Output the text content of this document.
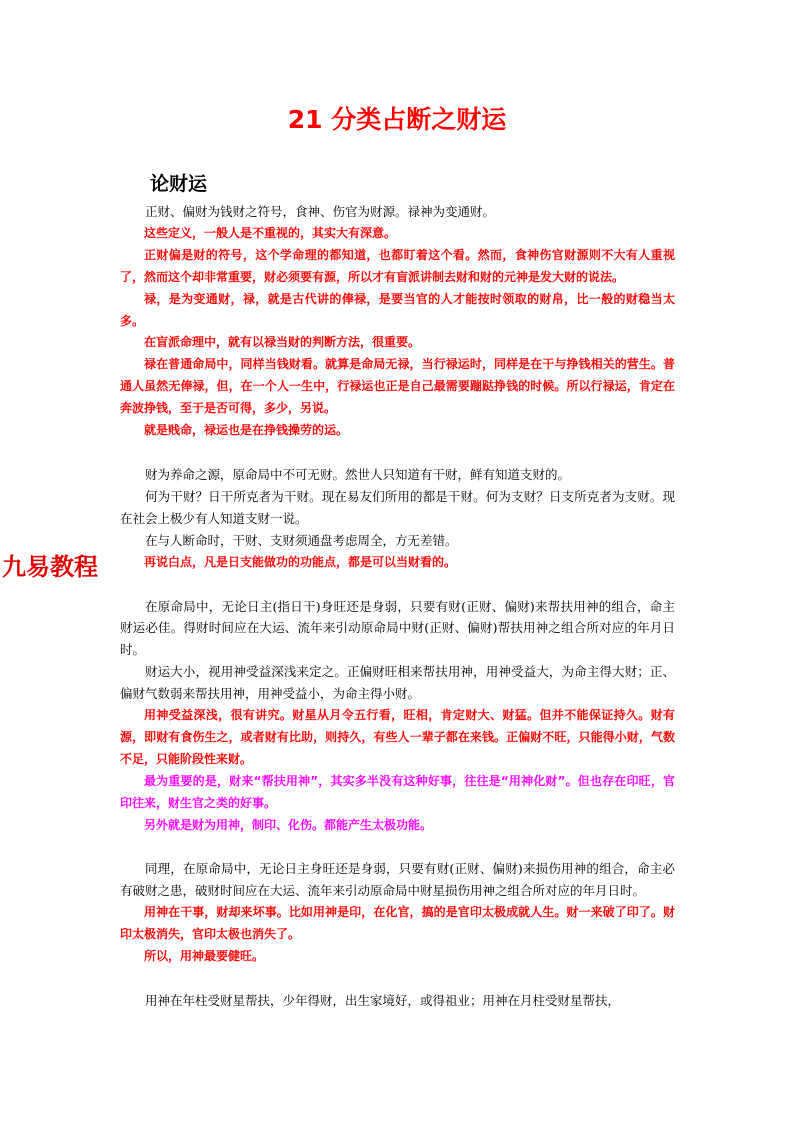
21 分类占断之财运
论财运
九易教程

正财、偏财为钱财之符号，食神、伤官为财源。禄神为变通财。

这些定义，一般人是不重视的，其实大有深意。

正财偏是财的符号，这个学命理的都知道，也都盯着这个看。然而，食神伤官财源则不大有人重视了，然而这个却非常重要，财必须要有源，所以才有盲派讲制去财和财的元神是发大财的说法。

禄，是为变通财，禄，就是古代讲的俸禄，是要当官的人才能按时领取的财帛，比一般的财稳当太多。

在盲派命理中，就有以禄当财的判断方法，很重要。

禄在普通命局中，同样当钱财看。就算是命局无禄，当行禄运时，同样是在干与挣钱相关的营生。普通人虽然无俸禄，但，在一个人一生中，行禄运也正是自己最需要蹦跶挣钱的时候。所以行禄运，肯定在奔波挣钱，至于是否可得，多少，另说。

就是贱命，禄运也是在挣钱操劳的运。

财为养命之源，原命局中不可无财。然世人只知道有干财，鲜有知道支财的。

何为干财？日干所克者为干财。现在易友们所用的都是干财。何为支财？日支所克者为支财。现在社会上极少有人知道支财一说。

在与人断命时，干财、支财须通盘考虑周全，方无差错。

再说白点，凡是日支能做功的功能点，都是可以当财看的。

在原命局中，无论日主(指日干)身旺还是身弱，只要有财(正财、偏财)来帮扶用神的组合，命主财运必佳。得财时间应在大运、流年来引动原命局中财(正财、偏财)帮扶用神之组合所对应的年月日时。

财运大小，视用神受益深浅来定之。正偏财旺相来帮扶用神，用神受益大，为命主得大财；正、偏财气数弱来帮扶用神，用神受益小，为命主得小财。

用神受益深浅，很有讲究。财星从月令五行看，旺相，肯定财大、财猛。但并不能保证持久。财有源，即财有食伤生之，或者财有比助，则持久，有些人一辈子都在来钱。正偏财不旺，只能得小财，气数不足，只能阶段性来财。

最为重要的是，财来“帮扶用神”，其实多半没有这种好事，往往是“用神化财”。但也存在印旺，官印往来，财生官之类的好事。

另外就是财为用神，制印、化伤。都能产生太极功能。

同理，在原命局中，无论日主身旺还是身弱，只要有财(正财、偏财)来损伤用神的组合，命主必有破财之患，破财时间应在大运、流年来引动原命局中财星损伤用神之组合所对应的年月日时。

用神在干事，财却来坏事。比如用神是印，在化官，搞的是官印太极成就人生。财一来破了印了。财印太极消失，官印太极也消失了。

所以，用神最要健旺。

用神在年柱受财星帮扶，少年得财，出生家境好，或得祖业；用神在月柱受财星帮扶，
